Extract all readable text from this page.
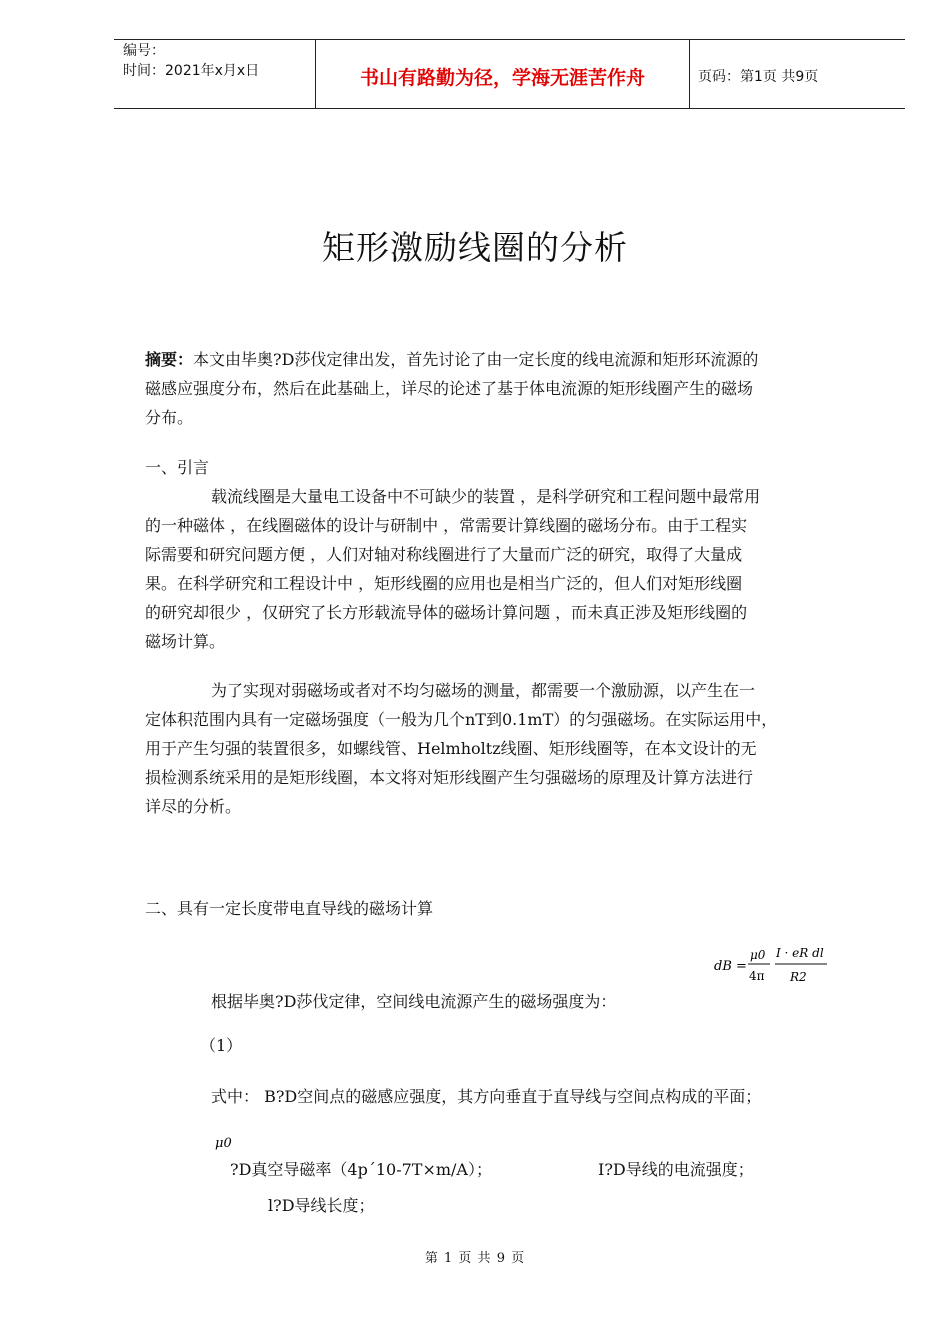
编号：
时间：2021年x月x日	书山有路勤为径，学海无涯苦作舟	页码：第1页 共9页
矩形激励线圈的分析
摘要：本文由毕奥?D莎伐定律出发，首先讨论了由一定长度的线电流源和矩形环流源的
磁感应强度分布，然后在此基础上，详尽的论述了基于体电流源的矩形线圈产生的磁场
分布。
一、引言
载流线圈是大量电工设备中不可缺少的装置 ，是科学研究和工程问题中最常用
的一种磁体 ，在线圈磁体的设计与研制中 ，常需要计算线圈的磁场分布。由于工程实
际需要和研究问题方便 ，人们对轴对称线圈进行了大量而广泛的研究，取得了大量成
果。在科学研究和工程设计中 ，矩形线圈的应用也是相当广泛的，但人们对矩形线圈
的研究却很少 ，仅研究了长方形载流导体的磁场计算问题 ，而未真正涉及矩形线圈的
磁场计算。
为了实现对弱磁场或者对不均匀磁场的测量，都需要一个激励源，以产生在一
定体积范围内具有一定磁场强度（一般为几个nT到0.1mT）的匀强磁场。在实际运用中，
用于产生匀强的装置很多，如螺线管、Helmholtz线圈、矩形线圈等，在本文设计的无
损检测系统采用的是矩形线圈，本文将对矩形线圈产生匀强磁场的原理及计算方法进行
详尽的分析。
二、具有一定长度带电直导线的磁场计算
dB =
μ0
4π
I · eR dl
R2
根据毕奥?D莎伐定律，空间线电流源产生的磁场强度为：
（1）
式中： B?D空间点的磁感应强度，其方向垂直于直导线与空间点构成的平面；
μ0
?D真空导磁率（4p´10-7T×m/A）；	I?D导线的电流强度；
l?D导线长度；
第 1 页 共 9 页
